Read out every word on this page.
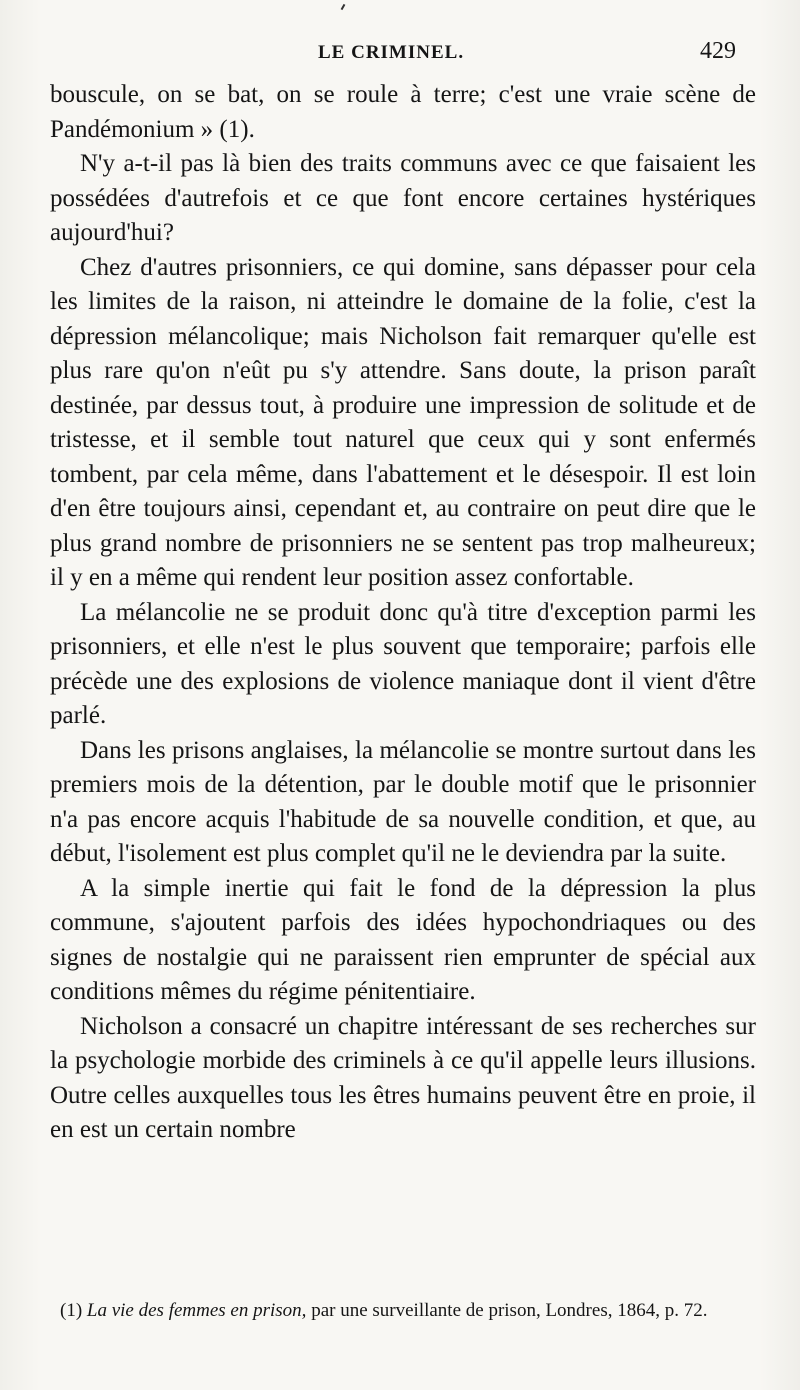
LE CRIMINEL.	429

bouscule, on se bat, on se roule à terre; c'est une vraie scène de Pandémonium » (1).

N'y a-t-il pas là bien des traits communs avec ce que faisaient les possédées d'autrefois et ce que font encore certaines hystériques aujourd'hui?

Chez d'autres prisonniers, ce qui domine, sans dépasser pour cela les limites de la raison, ni atteindre le domaine de la folie, c'est la dépression mélancolique; mais Nicholson fait remarquer qu'elle est plus rare qu'on n'eût pu s'y attendre. Sans doute, la prison paraît destinée, par dessus tout, à produire une impression de solitude et de tristesse, et il semble tout naturel que ceux qui y sont enfermés tombent, par cela même, dans l'abattement et le désespoir. Il est loin d'en être toujours ainsi, cependant et, au contraire on peut dire que le plus grand nombre de prisonniers ne se sentent pas trop malheureux; il y en a même qui rendent leur position assez confortable.

La mélancolie ne se produit donc qu'à titre d'exception parmi les prisonniers, et elle n'est le plus souvent que temporaire; parfois elle précède une des explosions de violence maniaque dont il vient d'être parlé.

Dans les prisons anglaises, la mélancolie se montre surtout dans les premiers mois de la détention, par le double motif que le prisonnier n'a pas encore acquis l'habitude de sa nouvelle condition, et que, au début, l'isolement est plus complet qu'il ne le deviendra par la suite.

A la simple inertie qui fait le fond de la dépression la plus commune, s'ajoutent parfois des idées hypochondriaques ou des signes de nostalgie qui ne paraissent rien emprunter de spécial aux conditions mêmes du régime pénitentiaire.

Nicholson a consacré un chapitre intéressant de ses recherches sur la psychologie morbide des criminels à ce qu'il appelle leurs illusions. Outre celles auxquelles tous les êtres humains peuvent être en proie, il en est un certain nombre

(1) La vie des femmes en prison, par une surveillante de prison, Londres, 1864, p. 72.
